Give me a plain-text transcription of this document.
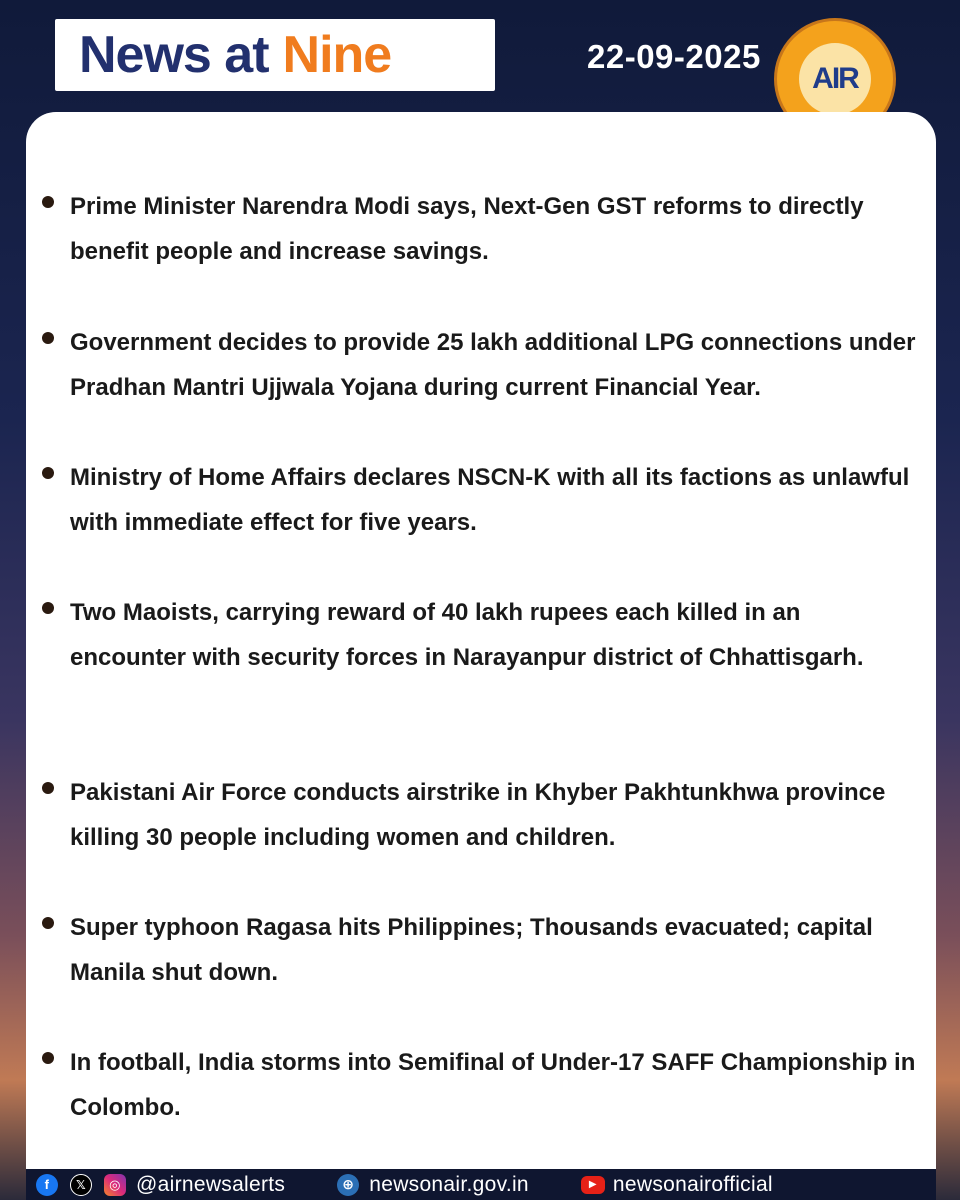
News at Nine	22-09-2025
AIR

Prime Minister Narendra Modi says, Next-Gen GST reforms to directly benefit people and increase savings.

Government decides to provide 25 lakh additional LPG connections under Pradhan Mantri Ujjwala Yojana during current Financial Year.

Ministry of Home Affairs declares NSCN-K with all its factions as unlawful with immediate effect for five years.

Two Maoists, carrying reward of 40 lakh rupees each killed in an encounter with security forces in Narayanpur district of Chhattisgarh.

Pakistani Air Force conducts airstrike in Khyber Pakhtunkhwa province killing 30 people including women and children.

Super typhoon Ragasa hits Philippines; Thousands evacuated; capital Manila shut down.

In football, India storms into Semifinal of Under-17 SAFF Championship in Colombo.

f	𝕏	◎ @airnewsalerts	⊕ newsonair.gov.in	▶ newsonairofficial
